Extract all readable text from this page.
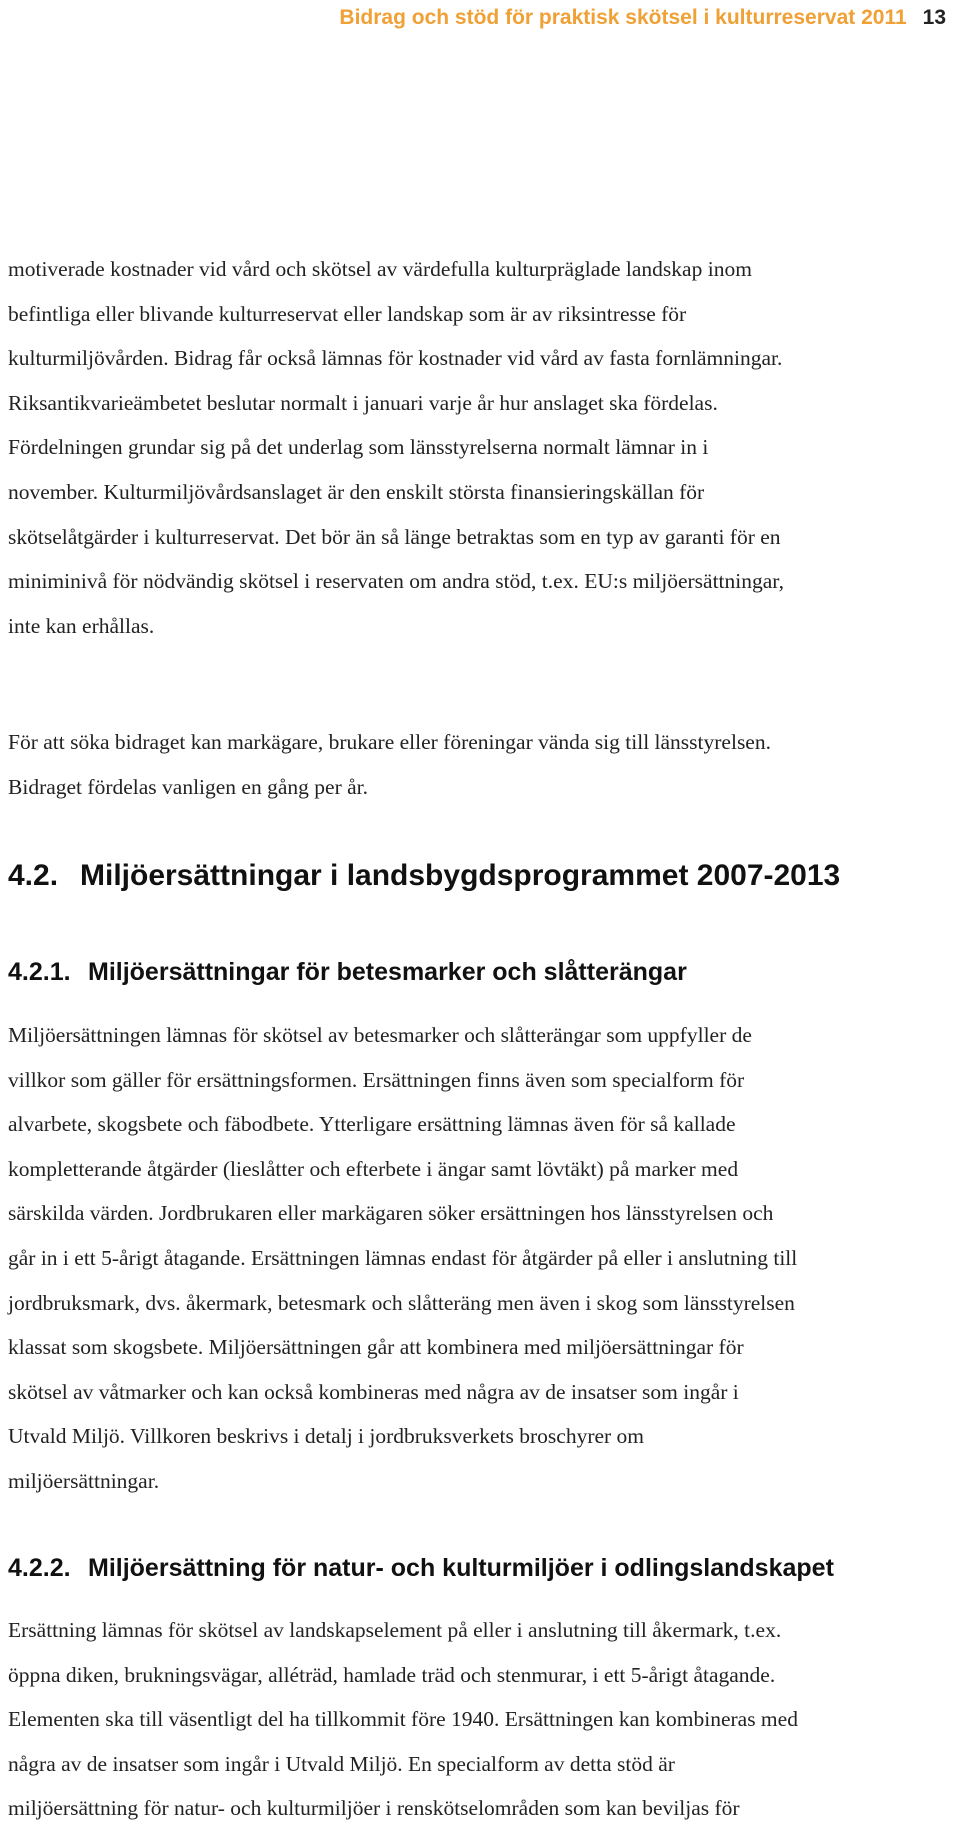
Bidrag och stöd för praktisk skötsel i kulturreservat 2011 13

motiverade kostnader vid vård och skötsel av värdefulla kulturpräglade landskap inom
befintliga eller blivande kulturreservat eller landskap som är av riksintresse för
kulturmiljövården. Bidrag får också lämnas för kostnader vid vård av fasta fornlämningar.
Riksantikvarieämbetet beslutar normalt i januari varje år hur anslaget ska fördelas.
Fördelningen grundar sig på det underlag som länsstyrelserna normalt lämnar in i
november. Kulturmiljövårdsanslaget är den enskilt största finansieringskällan för
skötselåtgärder i kulturreservat. Det bör än så länge betraktas som en typ av garanti för en
miniminivå för nödvändig skötsel i reservaten om andra stöd, t.ex. EU:s miljöersättningar,
inte kan erhållas.

För att söka bidraget kan markägare, brukare eller föreningar vända sig till länsstyrelsen.
Bidraget fördelas vanligen en gång per år.

4.2. Miljöersättningar i landsbygdsprogrammet 2007-2013
4.2.1. Miljöersättningar för betesmarker och slåtterängar

Miljöersättningen lämnas för skötsel av betesmarker och slåtterängar som uppfyller de
villkor som gäller för ersättningsformen. Ersättningen finns även som specialform för
alvarbete, skogsbete och fäbodbete. Ytterligare ersättning lämnas även för så kallade
kompletterande åtgärder (lieslåtter och efterbete i ängar samt lövtäkt) på marker med
särskilda värden. Jordbrukaren eller markägaren söker ersättningen hos länsstyrelsen och
går in i ett 5-årigt åtagande. Ersättningen lämnas endast för åtgärder på eller i anslutning till
jordbruksmark, dvs. åkermark, betesmark och slåtteräng men även i skog som länsstyrelsen
klassat som skogsbete. Miljöersättningen går att kombinera med miljöersättningar för
skötsel av våtmarker och kan också kombineras med några av de insatser som ingår i
Utvald Miljö. Villkoren beskrivs i detalj i jordbruksverkets broschyrer om
miljöersättningar.

4.2.2. Miljöersättning för natur- och kulturmiljöer i odlingslandskapet

Ersättning lämnas för skötsel av landskapselement på eller i anslutning till åkermark, t.ex.
öppna diken, brukningsvägar, alléträd, hamlade träd och stenmurar, i ett 5-årigt åtagande.
Elementen ska till väsentligt del ha tillkommit före 1940. Ersättningen kan kombineras med
några av de insatser som ingår i Utvald Miljö. En specialform av detta stöd är
miljöersättning för natur- och kulturmiljöer i renskötselområden som kan beviljas för
